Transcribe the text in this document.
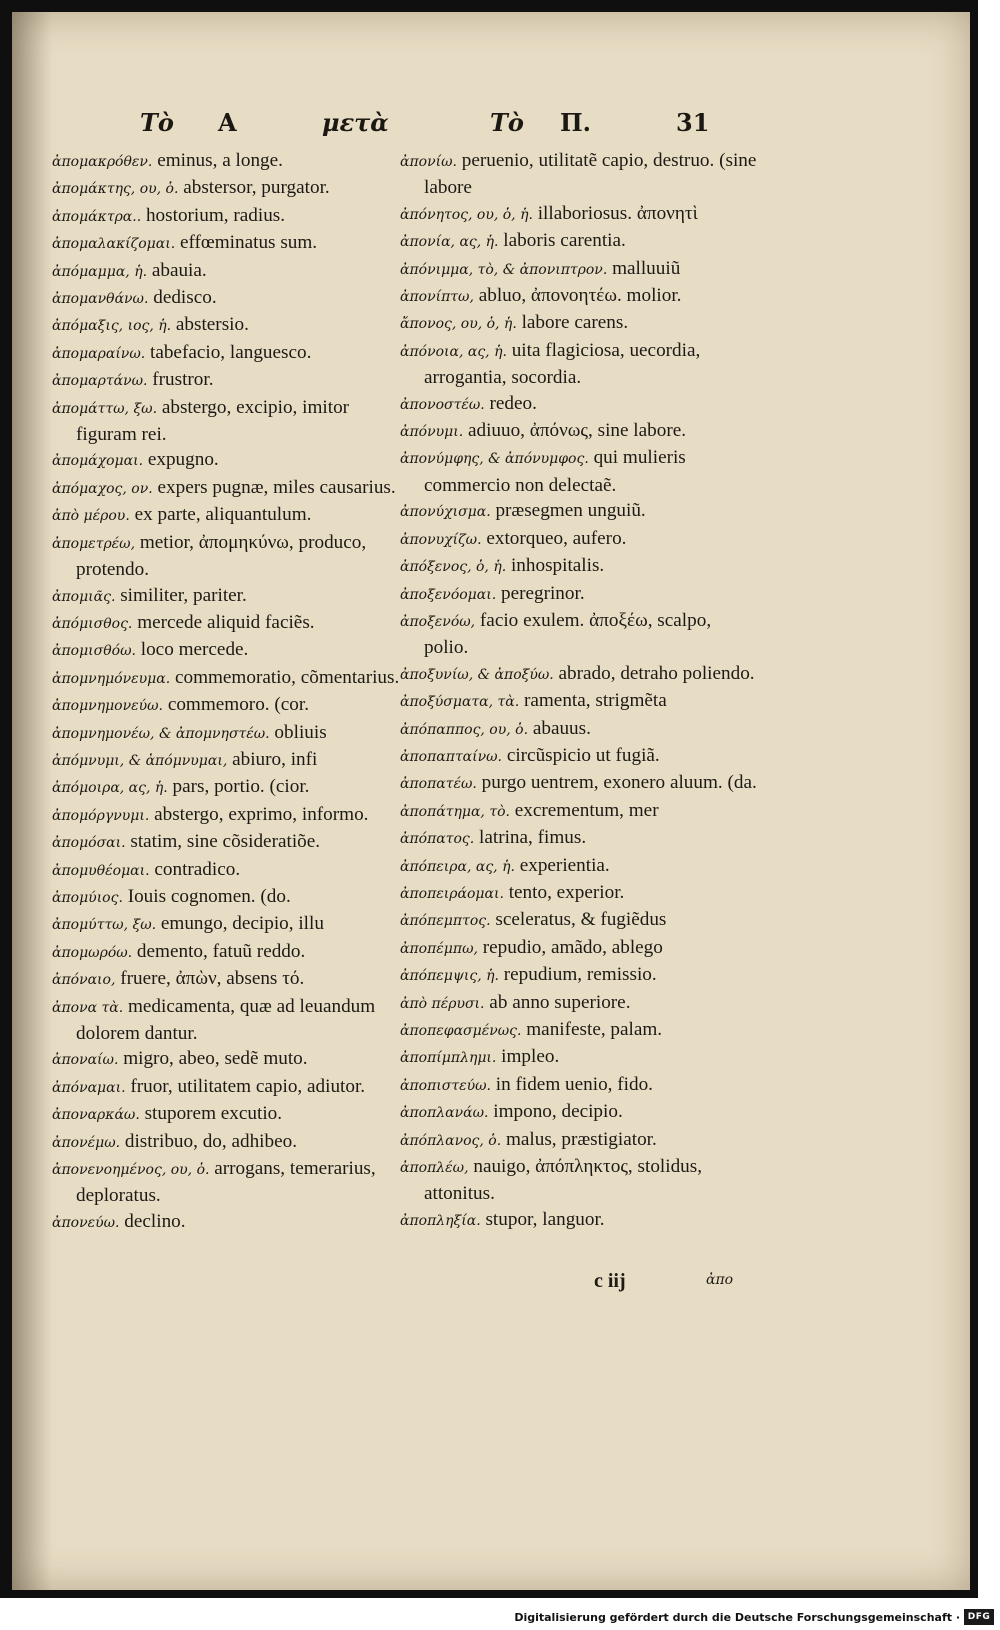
Τὸ Α	μετὰ	Τὸ Π.	31

ἀπομακρόθεν. eminus, a longe.

ἀπομάκτης, ου, ὁ. abstersor, purgator.

ἀπομάκτρα.. hostorium, radius.

ἀπομαλακίζομαι. effœminatus sum.

ἀπόμαμμα, ἡ. abauia.

ἀπομανθάνω. dedisco.

ἀπόμαξις, ιος, ἡ. abstersio.

ἀπομαραίνω. tabefacio, languesco.

ἀπομαρτάνω. frustror.

ἀπομάττω, ξω. abstergo, excipio, imitor figuram rei.

ἀπομάχομαι. expugno.

ἀπόμαχος, ον. expers pugnæ, miles causarius.

ἀπὸ μέρου. ex parte, aliquantulum.

ἀπομετρέω, metior, ἀπομηκύνω, produco, protendo.

ἀπομιᾶς. similiter, pariter.

ἀπόμισθος. mercede aliquid faciẽs.

ἀπομισθόω. loco mercede.

ἀπομνημόνευμα. commemoratio, cõmentarius.

ἀπομνημονεύω. commemoro. (cor.

ἀπομνημονέω, & ἀπομνηστέω. obliuis

ἀπόμνυμι, & ἀπόμνυμαι, abiuro, infi

ἀπόμοιρα, ας, ἡ. pars, portio. (cior.

ἀπομόργνυμι. abstergo, exprimo, informo.

ἀπομόσαι. statim, sine cõsideratiõe.

ἀπομυθέομαι. contradico.

ἀπομύιος. Iouis cognomen. (do.

ἀπομύττω, ξω. emungo, decipio, illu

ἀπομωρόω. demento, fatuũ reddo.

ἀπόναιο, fruere, ἀπὼν, absens τό.

ἀπονα τὰ. medicamenta, quæ ad leuandum dolorem dantur.

ἀποναίω. migro, abeo, sedẽ muto.

ἀπόναμαι. fruor, utilitatem capio, adiutor.

ἀποναρκάω. stuporem excutio.

ἀπονέμω. distribuo, do, adhibeo.

ἀπονενοημένος, ου, ὁ. arrogans, temerarius, deploratus.

ἀπονεύω. declino.

ἀπονίω. peruenio, utilitatẽ capio, destruo. (sine labore

ἀπόνητος, ου, ὁ, ἡ. illaboriosus. ἀπονητὶ

ἀπονία, ας, ἡ. laboris carentia.

ἀπόνιμμα, τὸ, & ἀπονιπτρον. malluuiũ

ἀπονίπτω, abluo, ἀπονοητέω. molior.

ἄπονος, ου, ὁ, ἡ. labore carens.

ἀπόνοια, ας, ἡ. uita flagiciosa, uecordia, arrogantia, socordia.

ἀπονοστέω. redeo.

ἀπόνυμι. adiuuo, ἀπόνως, sine labore.

ἀπονύμφης, & ἀπόνυμφος. qui mulieris commercio non delectaẽ.

ἀπονύχισμα. præsegmen unguiũ.

ἀπονυχίζω. extorqueo, aufero.

ἀπόξενος, ὁ, ἡ. inhospitalis.

ἀποξενόομαι. peregrinor.

ἀποξενόω, facio exulem. ἀποξέω, scalpo, polio.

ἀποξυνίω, & ἀποξύω. abrado, detraho poliendo.

ἀποξύσματα, τὰ. ramenta, strigmẽta

ἀπόπαππος, ου, ὁ. abauus.

ἀποπαπταίνω. circũspicio ut fugiã.

ἀποπατέω. purgo uentrem, exonero aluum. (da.

ἀποπάτημα, τὸ. excrementum, mer

ἀπόπατος. latrina, fimus.

ἀπόπειρα, ας, ἡ. experientia.

ἀποπειράομαι. tento, experior.

ἀπόπεμπτος. sceleratus, & fugiẽdus

ἀποπέμπω, repudio, amãdo, ablego

ἀπόπεμψις, ἡ. repudium, remissio.

ἀπὸ πέρυσι. ab anno superiore.

ἀποπεφασμένως. manifeste, palam.

ἀποπίμπλημι. impleo.

ἀποπιστεύω. in fidem uenio, fido.

ἀποπλανάω. impono, decipio.

ἀπόπλανος, ὁ. malus, præstigiator.

ἀποπλέω, nauigo, ἀπόπληκτος, stolidus, attonitus.

ἀποπληξία. stupor, languor.

c iij	ἀπο
Digitalisierung gefördert durch die Deutsche Forschungsgemeinschaft · DFG
